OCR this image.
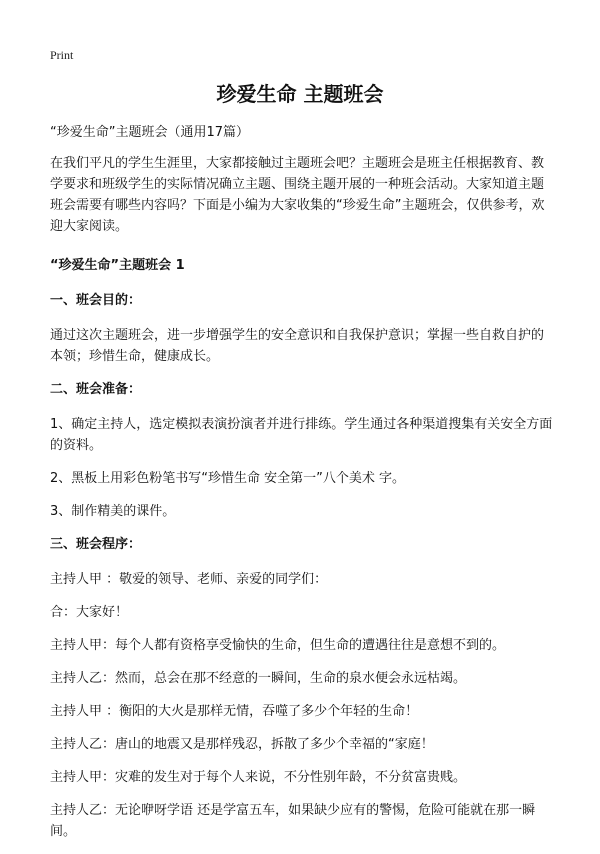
Print
珍爱生命 主题班会

“珍爱生命”主题班会（通用17篇）

在我们平凡的学生生涯里，大家都接触过主题班会吧？主题班会是班主任根据教育、教学要求和班级学生的实际情况确立主题、围绕主题开展的一种班会活动。大家知道主题班会需要有哪些内容吗？下面是小编为大家收集的“珍爱生命”主题班会，仅供参考，欢迎大家阅读。

“珍爱生命”主题班会 1

一、班会目的：

通过这次主题班会，进一步增强学生的安全意识和自我保护意识；掌握一些自救自护的本领；珍惜生命，健康成长。

二、班会准备：

1、确定主持人，选定模拟表演扮演者并进行排练。学生通过各种渠道搜集有关安全方面的资料。

2、黑板上用彩色粉笔书写“珍惜生命 安全第一”八个美术 字。

3、制作精美的课件。

三、班会程序：

主持人甲 ：敬爱的领导、老师、亲爱的同学们：

合：大家好！

主持人甲：每个人都有资格享受愉快的生命，但生命的遭遇往往是意想不到的。

主持人乙：然而，总会在那不经意的一瞬间，生命的泉水便会永远枯竭。

主持人甲 ：衡阳的大火是那样无情，吞噬了多少个年轻的生命！

主持人乙：唐山的地震又是那样残忍，拆散了多少个幸福的“家庭！

主持人甲：灾难的发生对于每个人来说，不分性别年龄，不分贫富贵贱。

主持人乙：无论咿呀学语 还是学富五车，如果缺少应有的警惕，危险可能就在那一瞬间。
